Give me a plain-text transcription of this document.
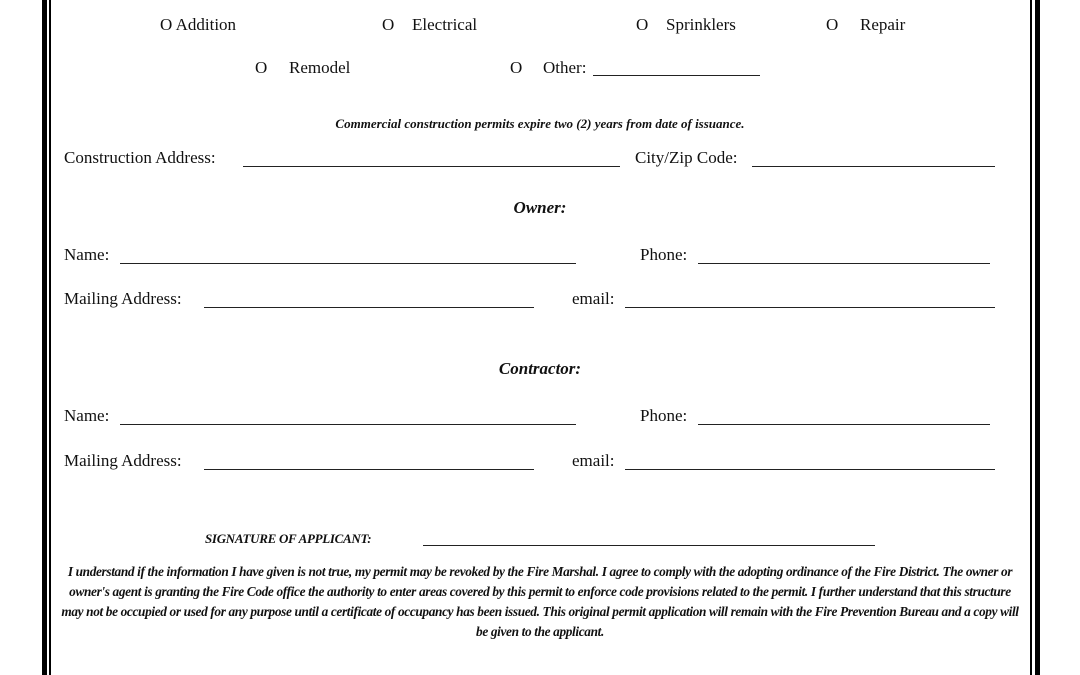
O Addition	O Electrical	O Sprinklers	O Repair
O Remodel	O Other:
Commercial construction permits expire two (2) years from date of issuance.
Construction Address:	City/Zip Code:
Owner:
Name:	Phone:
Mailing Address:	email:
Contractor:
Name:	Phone:
Mailing Address:	email:
SIGNATURE OF APPLICANT:
I understand if the information I have given is not true, my permit may be revoked by the Fire Marshal. I agree to comply with the adopting ordinance of the Fire District. The owner or owner's agent is granting the Fire Code office the authority to enter areas covered by this permit to enforce code provisions related to the permit. I further understand that this structure may not be occupied or used for any purpose until a certificate of occupancy has been issued. This original permit application will remain with the Fire Prevention Bureau and a copy will be given to the applicant.
